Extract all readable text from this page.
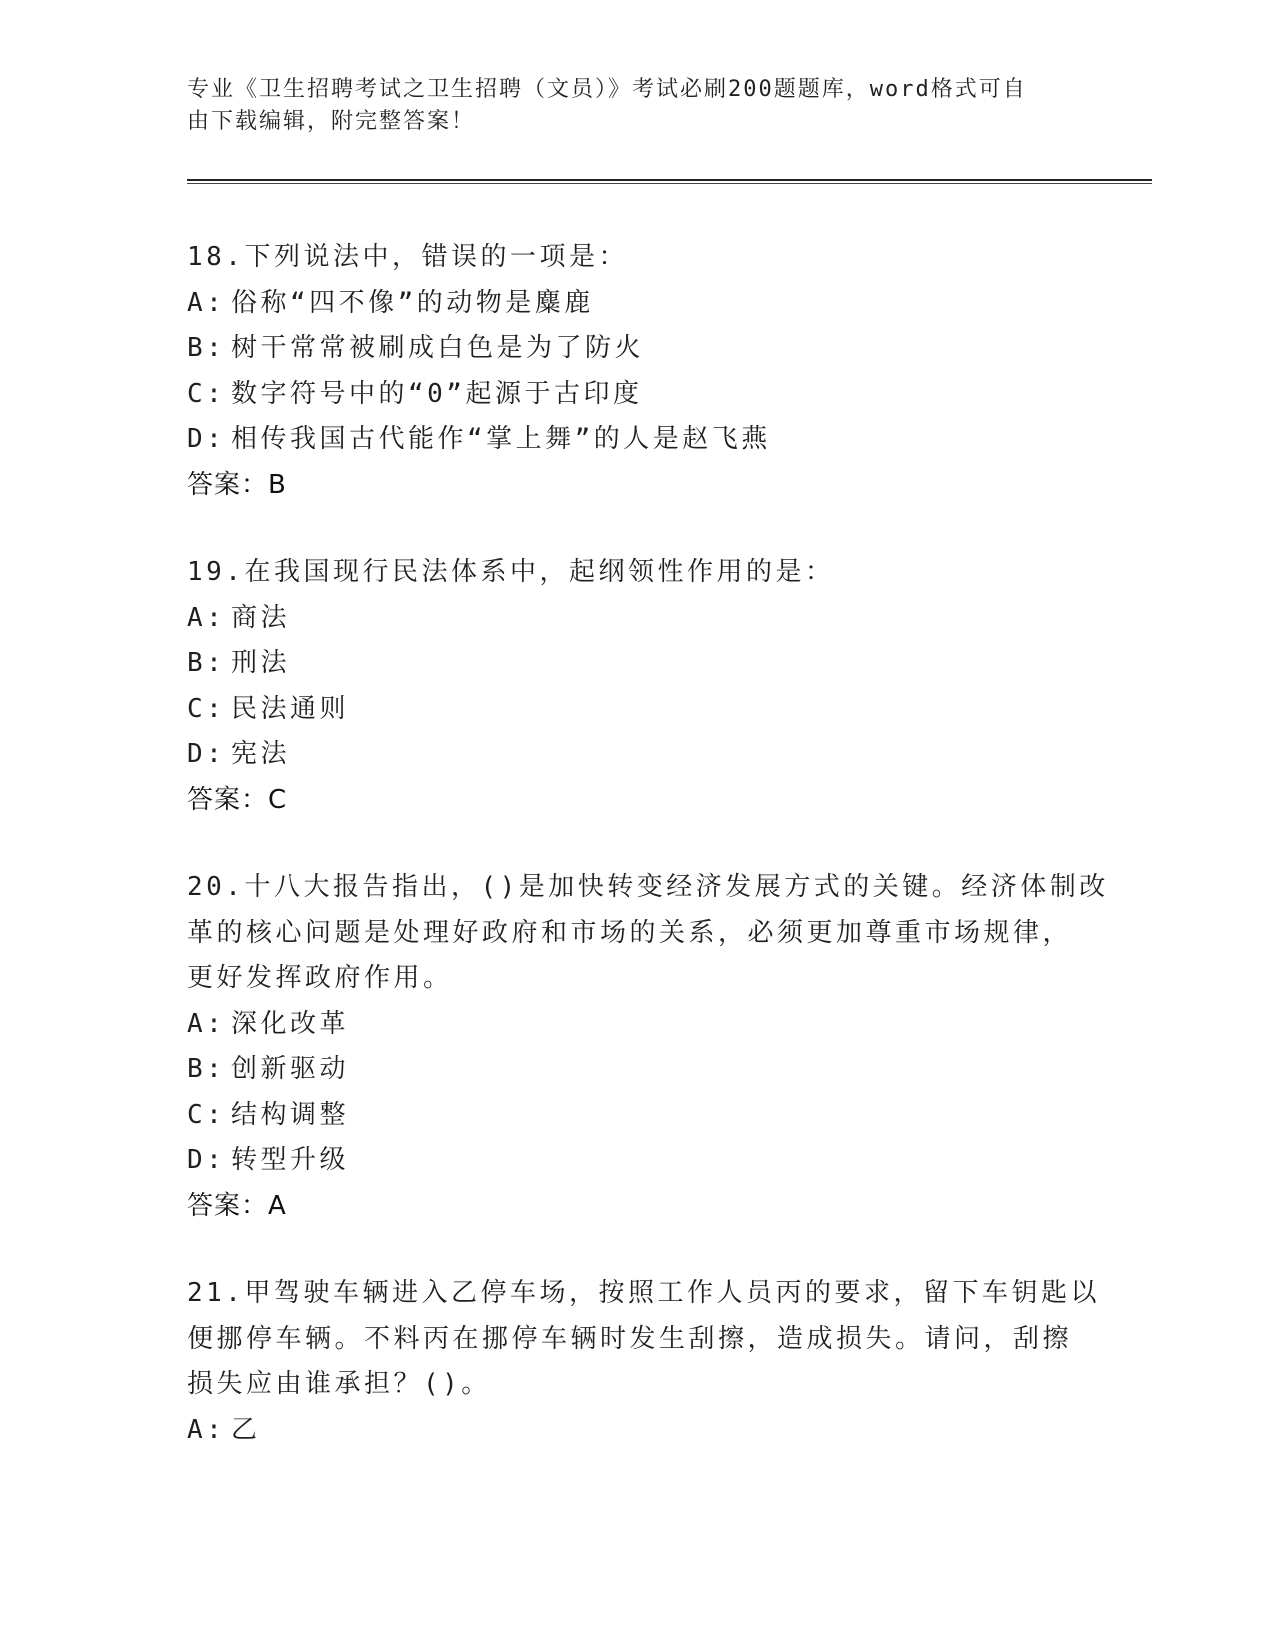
专业《卫生招聘考试之卫生招聘（文员）》考试必刷200题题库，word格式可自
由下载编辑，附完整答案！
18.下列说法中，错误的一项是：
A: 俗称“四不像”的动物是麋鹿
B: 树干常常被刷成白色是为了防火
C: 数字符号中的“0”起源于古印度
D: 相传我国古代能作“掌上舞”的人是赵飞燕
答案：B
19.在我国现行民法体系中，起纲领性作用的是：
A: 商法
B: 刑法
C: 民法通则
D: 宪法
答案：C
20.十八大报告指出，()是加快转变经济发展方式的关键。经济体制改
革的核心问题是处理好政府和市场的关系，必须更加尊重市场规律，
更好发挥政府作用。
A: 深化改革
B: 创新驱动
C: 结构调整
D: 转型升级
答案：A
21.甲驾驶车辆进入乙停车场，按照工作人员丙的要求，留下车钥匙以
便挪停车辆。不料丙在挪停车辆时发生刮擦，造成损失。请问，刮擦
损失应由谁承担？()。
A: 乙
